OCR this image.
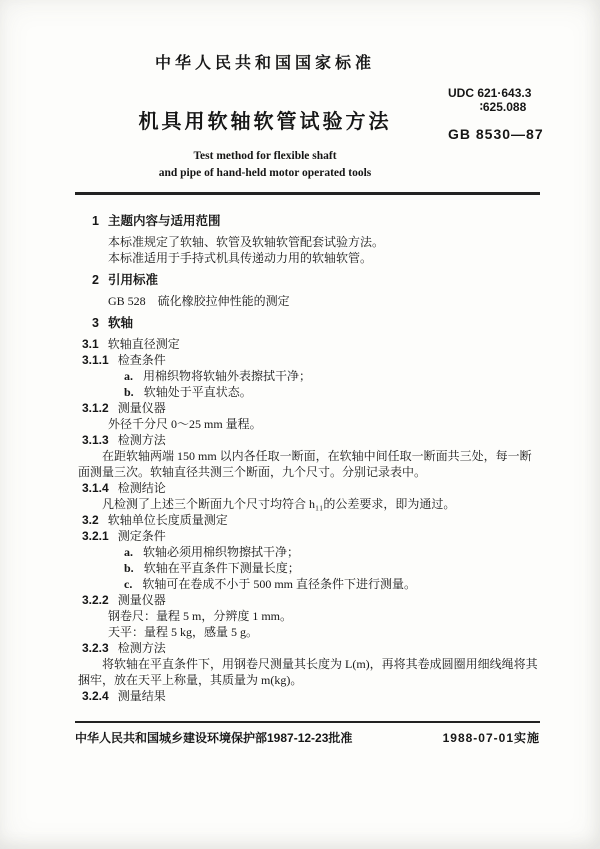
中华人民共和国国家标准
机具用软轴软管试验方法
Test method for flexible shaft
and pipe of hand-held motor operated tools
UDC 621·643.3
∶625.088
GB 8530—87
1 主题内容与适用范围
本标准规定了软轴、软管及软轴软管配套试验方法。
本标准适用于手持式机具传递动力用的软轴软管。
2 引用标准
GB 528　硫化橡胶拉伸性能的测定
3 软轴
3.1 软轴直径测定
3.1.1 检查条件
a. 用棉织物将软轴外表擦拭干净；
b. 软轴处于平直状态。
3.1.2 测量仪器
外径千分尺 0～25 mm 量程。
3.1.3 检测方法
在距软轴两端 150 mm 以内各任取一断面，在软轴中间任取一断面共三处，每一断面测量三次。软轴直径共测三个断面，九个尺寸。分别记录表中。
3.1.4 检测结论
凡检测了上述三个断面九个尺寸均符合 h₁₁的公差要求，即为通过。
3.2 软轴单位长度质量测定
3.2.1 测定条件
a. 软轴必须用棉织物擦拭干净；
b. 软轴在平直条件下测量长度；
c. 软轴可在卷成不小于 500 mm 直径条件下进行测量。
3.2.2 测量仪器
钢卷尺：量程 5 m，分辨度 1 mm。
天平：量程 5 kg，感量 5 g。
3.2.3 检测方法
将软轴在平直条件下，用钢卷尺测量其长度为 L(m)，再将其卷成圆圈用细线绳将其捆牢，放在天平上称量，其质量为 m(kg)。
3.2.4 测量结果
中华人民共和国城乡建设环境保护部1987-12-23批准	1988-07-01实施
